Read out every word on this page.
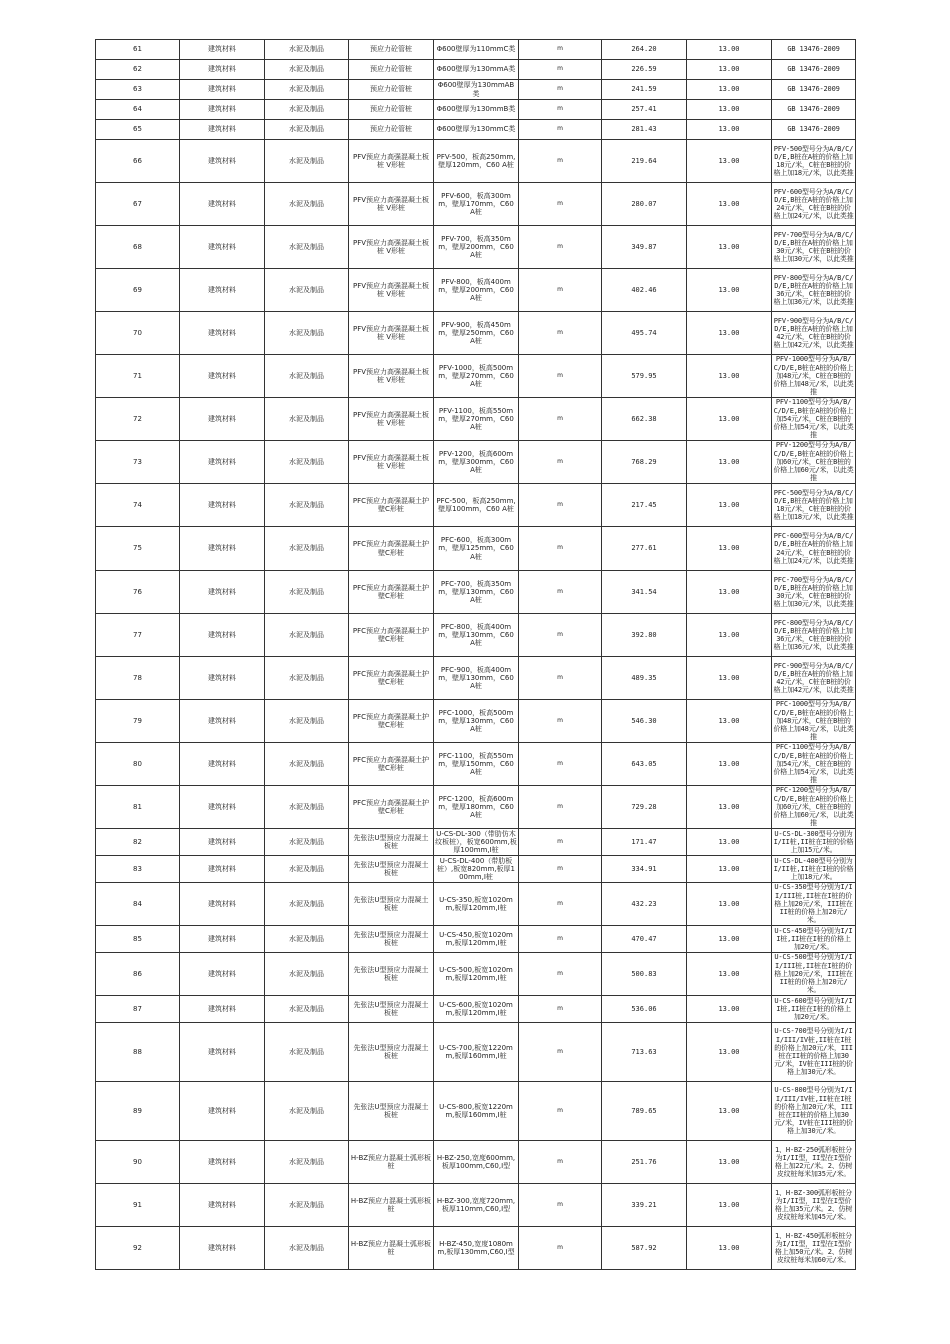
61	建筑材料	水泥及制品	预应力砼管桩	Φ600壁厚为110mmC类	m	264.20	13.00	GB 13476-2009
62	建筑材料	水泥及制品	预应力砼管桩	Φ600壁厚为130mmA类	m	226.59	13.00	GB 13476-2009
63	建筑材料	水泥及制品	预应力砼管桩	Φ600壁厚为130mmAB类	m	241.59	13.00	GB 13476-2009
64	建筑材料	水泥及制品	预应力砼管桩	Φ600壁厚为130mmB类	m	257.41	13.00	GB 13476-2009
65	建筑材料	水泥及制品	预应力砼管桩	Φ600壁厚为130mmC类	m	281.43	13.00	GB 13476-2009
66	建筑材料	水泥及制品	PFV预应力高强混凝土板桩 V形桩	PFV-500，板高250mm,壁厚120mm，C60 A桩	m	219.64	13.00	PFV-500型号分为A/B/C/D/E,B桩在A桩的价格上加18元/米，C桩在B桩的价格上加18元/米，以此类推
67	建筑材料	水泥及制品	PFV预应力高强混凝土板桩 V形桩	PFV-600，板高300mm，壁厚170mm，C60 A桩	m	280.07	13.00	PFV-600型号分为A/B/C/D/E,B桩在A桩的价格上加24元/米，C桩在B桩的价格上加24元/米，以此类推
68	建筑材料	水泥及制品	PFV预应力高强混凝土板桩 V形桩	PFV-700，板高350mm，壁厚200mm，C60 A桩	m	349.87	13.00	PFV-700型号分为A/B/C/D/E,B桩在A桩的价格上加30元/米，C桩在B桩的价格上加30元/米，以此类推
69	建筑材料	水泥及制品	PFV预应力高强混凝土板桩 V形桩	PFV-800，板高400mm，壁厚200mm，C60 A桩	m	402.46	13.00	PFV-800型号分为A/B/C/D/E,B桩在A桩的价格上加36元/米，C桩在B桩的价格上加36元/米，以此类推
70	建筑材料	水泥及制品	PFV预应力高强混凝土板桩 V形桩	PFV-900，板高450mm，壁厚250mm，C60 A桩	m	495.74	13.00	PFV-900型号分为A/B/C/D/E,B桩在A桩的价格上加42元/米，C桩在B桩的价格上加42元/米，以此类推
71	建筑材料	水泥及制品	PFV预应力高强混凝土板桩 V形桩	PFV-1000，板高500mm，壁厚270mm，C60 A桩	m	579.95	13.00	PFV-1000型号分为A/B/C/D/E,B桩在A桩的价格上加48元/米，C桩在B桩的价格上加48元/米，以此类推
72	建筑材料	水泥及制品	PFV预应力高强混凝土板桩 V形桩	PFV-1100，板高550mm，壁厚270mm，C60 A桩	m	662.38	13.00	PFV-1100型号分为A/B/C/D/E,B桩在A桩的价格上加54元/米，C桩在B桩的价格上加54元/米，以此类推
73	建筑材料	水泥及制品	PFV预应力高强混凝土板桩 V形桩	PFV-1200，板高600mm，壁厚300mm，C60 A桩	m	768.29	13.00	PFV-1200型号分为A/B/C/D/E,B桩在A桩的价格上加60元/米，C桩在B桩的价格上加60元/米，以此类推
74	建筑材料	水泥及制品	PFC预应力高强混凝土护壁C形桩	PFC-500，板高250mm,壁厚100mm，C60 A桩	m	217.45	13.00	PFC-500型号分为A/B/C/D/E,B桩在A桩的价格上加18元/米，C桩在B桩的价格上加18元/米，以此类推
75	建筑材料	水泥及制品	PFC预应力高强混凝土护壁C形桩	PFC-600，板高300mm，壁厚125mm，C60 A桩	m	277.61	13.00	PFC-600型号分为A/B/C/D/E,B桩在A桩的价格上加24元/米，C桩在B桩的价格上加24元/米，以此类推
76	建筑材料	水泥及制品	PFC预应力高强混凝土护壁C形桩	PFC-700，板高350mm，壁厚130mm，C60 A桩	m	341.54	13.00	PFC-700型号分为A/B/C/D/E,B桩在A桩的价格上加30元/米，C桩在B桩的价格上加30元/米，以此类推
77	建筑材料	水泥及制品	PFC预应力高强混凝土护壁C形桩	PFC-800，板高400mm，壁厚130mm，C60 A桩	m	392.80	13.00	PFC-800型号分为A/B/C/D/E,B桩在A桩的价格上加36元/米，C桩在B桩的价格上加36元/米，以此类推
78	建筑材料	水泥及制品	PFC预应力高强混凝土护壁C形桩	PFC-900，板高400mm，壁厚130mm，C60 A桩	m	489.35	13.00	PFC-900型号分为A/B/C/D/E,B桩在A桩的价格上加42元/米，C桩在B桩的价格上加42元/米，以此类推
79	建筑材料	水泥及制品	PFC预应力高强混凝土护壁C形桩	PFC-1000，板高500mm，壁厚130mm，C60 A桩	m	546.30	13.00	PFC-1000型号分为A/B/C/D/E,B桩在A桩的价格上加48元/米，C桩在B桩的价格上加48元/米，以此类推
80	建筑材料	水泥及制品	PFC预应力高强混凝土护壁C形桩	PFC-1100，板高550mm，壁厚150mm，C60 A桩	m	643.05	13.00	PFC-1100型号分为A/B/C/D/E,B桩在A桩的价格上加54元/米，C桩在B桩的价格上加54元/米，以此类推
81	建筑材料	水泥及制品	PFC预应力高强混凝土护壁C形桩	PFC-1200，板高600mm，壁厚180mm，C60 A桩	m	729.28	13.00	PFC-1200型号分为A/B/C/D/E,B桩在A桩的价格上加60元/米，C桩在B桩的价格上加60元/米，以此类推
82	建筑材料	水泥及制品	先张法U型预应力混凝土板桩	U-CS-DL-300（带肋仿木纹板桩），板宽600mm,板厚100mm,I桩	m	171.47	13.00	U-CS-DL-300型号分别为I/II桩,II桩在I桩的价格上加15元/米。
83	建筑材料	水泥及制品	先张法U型预应力混凝土板桩	U-CS-DL-400（带肋板桩）,板宽820mm,板厚100mm,I桩	m	334.91	13.00	U-CS-DL-400型号分别为I/II桩,II桩在I桩的价格上加18元/米。
84	建筑材料	水泥及制品	先张法U型预应力混凝土板桩	U-CS-350,板宽1020mm,板厚120mm,I桩	m	432.23	13.00	U-CS-350型号分别为I/II/III桩,II桩在I桩的价格上加20元/米，III桩在II桩的价格上加20元/米。
85	建筑材料	水泥及制品	先张法U型预应力混凝土板桩	U-CS-450,板宽1020mm,板厚120mm,I桩	m	470.47	13.00	U-CS-450型号分别为I/II桩,II桩在I桩的价格上加20元/米。
86	建筑材料	水泥及制品	先张法U型预应力混凝土板桩	U-CS-500,板宽1020mm,板厚120mm,I桩	m	500.83	13.00	U-CS-500型号分别为I/II/III桩,II桩在I桩的价格上加20元/米，III桩在II桩的价格上加20元/米。
87	建筑材料	水泥及制品	先张法U型预应力混凝土板桩	U-CS-600,板宽1020mm,板厚120mm,I桩	m	536.06	13.00	U-CS-600型号分别为I/II桩,II桩在I桩的价格上加20元/米。
88	建筑材料	水泥及制品	先张法U型预应力混凝土板桩	U-CS-700,板宽1220mm,板厚160mm,I桩	m	713.63	13.00	U-CS-700型号分别为I/II/III/IV桩,II桩在I桩的价格上加20元/米，III桩在II桩的价格上加30元/米，IV桩在III桩的价格上加30元/米。
89	建筑材料	水泥及制品	先张法U型预应力混凝土板桩	U-CS-800,板宽1220mm,板厚160mm,I桩	m	789.65	13.00	U-CS-800型号分别为I/II/III/IV桩,II桩在I桩的价格上加20元/米，III桩在II桩的价格上加30元/米，IV桩在III桩的价格上加30元/米。
90	建筑材料	水泥及制品	H-BZ预应力混凝土弧形板桩	H-BZ-250,宽度600mm,板厚100mm,C60,I型	m	251.76	13.00	1、H-BZ-250弧形板桩分为I/II型，II型在I型价格上加22元/米。2、仿树皮纹桩每米加35元/米。
91	建筑材料	水泥及制品	H-BZ预应力混凝土弧形板桩	H-BZ-300,宽度720mm,板厚110mm,C60,I型	m	339.21	13.00	1、H-BZ-300弧形板桩分为I/II型，II型在I型价格上加35元/米。2、仿树皮纹桩每米加45元/米。
92	建筑材料	水泥及制品	H-BZ预应力混凝土弧形板桩	H-BZ-450,宽度1080mm,板厚130mm,C60,I型	m	587.92	13.00	1、H-BZ-450弧形板桩分为I/II型，II型在I型价格上加50元/米。2、仿树皮纹桩每米加60元/米。
